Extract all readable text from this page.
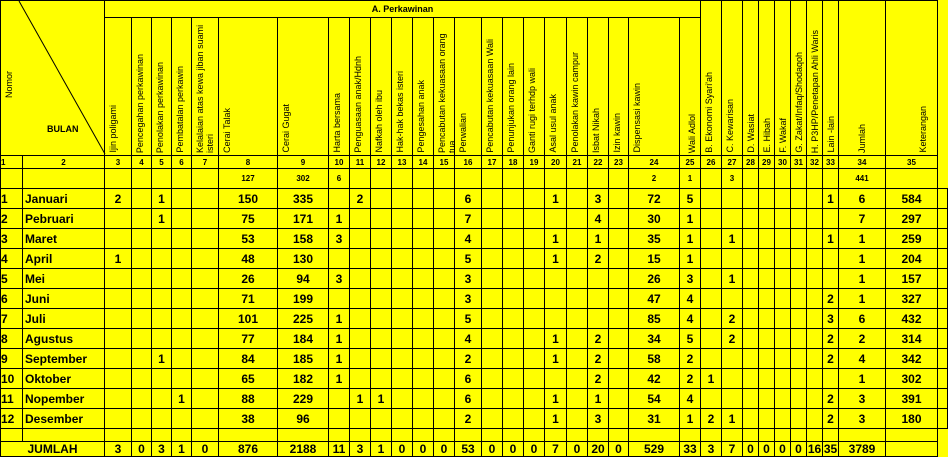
Nomor
BULAN		A. Perkawinan																							B. Ekonomi Syari'ah	C. Kewarisan	D. Wasiat	E. Hibah	F. Wakaf	G. Zakat/Infaq/Shodaqoh	H. P3HP/Penetapan Ahli Waris	Lain -lain	Jumlah	Keterangan	
		Ijin poligami	Pencegahan perkawinan	Penolakan perkawinan	Pembatalan perkawin	Kelalaian atas kewa jiban suami isteri	Cerai Talak	Cerai Gugat	Harta bersama	Penguasaan anak/Hdnh	Nafkah oleh ibu	Hak-hak bekas isteri	Pengesahan anak	Pencabutan kekuasaan orang tua	Perwalian	Pencabutan kekuasaan Wali	Penunjukan orang lain	Ganti rugi terhdp wali	Asal usul anak	Penolakan kawin campur	Isbat Nikah	Izin kawin	Dispensasi kawin	Wali Adlol											
1	2	3	4	5	6	7	8	9	10	11	12	13	14	15	16	17	18	19	20	21	22	23	24	25	26	27	28	29	30	31	32	33	34	35	
							127	302	6														2	1		3							441		
1	Januari	2		1			150	335		2					6				1		3		72	5								1	6	584	
2	Pebruari			1			75	171	1						7						4		30	1									7	297	
3	Maret						53	158	3						4				1		1		35	1		1						1	1	259	
4	April	1					48	130							5				1		2		15	1									1	204	
5	Mei						26	94	3						3								26	3		1							1	157	
6	Juni						71	199							3								47	4								2	1	327	
7	Juli						101	225	1						5								85	4		2						3	6	432	
8	Agustus						77	184	1						4				1		2		34	5		2						2	2	314	
9	September			1			84	185	1						2				1		2		58	2								2	4	342	
10	Oktober						65	182	1						6						2		42	2	1								1	302	
11	Nopember				1		88	229		1	1				6				1		1		54	4								2	3	391	
12	Desember						38	96							2				1		3		31	1	2	1						2	3	180	

JUMLAH		3	0	3	1	0	876	2188	11	3	1	0	0	0	53	0	0	0	7	0	20	0	529	33	3	7	0	0	0	0	16	35	3789		
